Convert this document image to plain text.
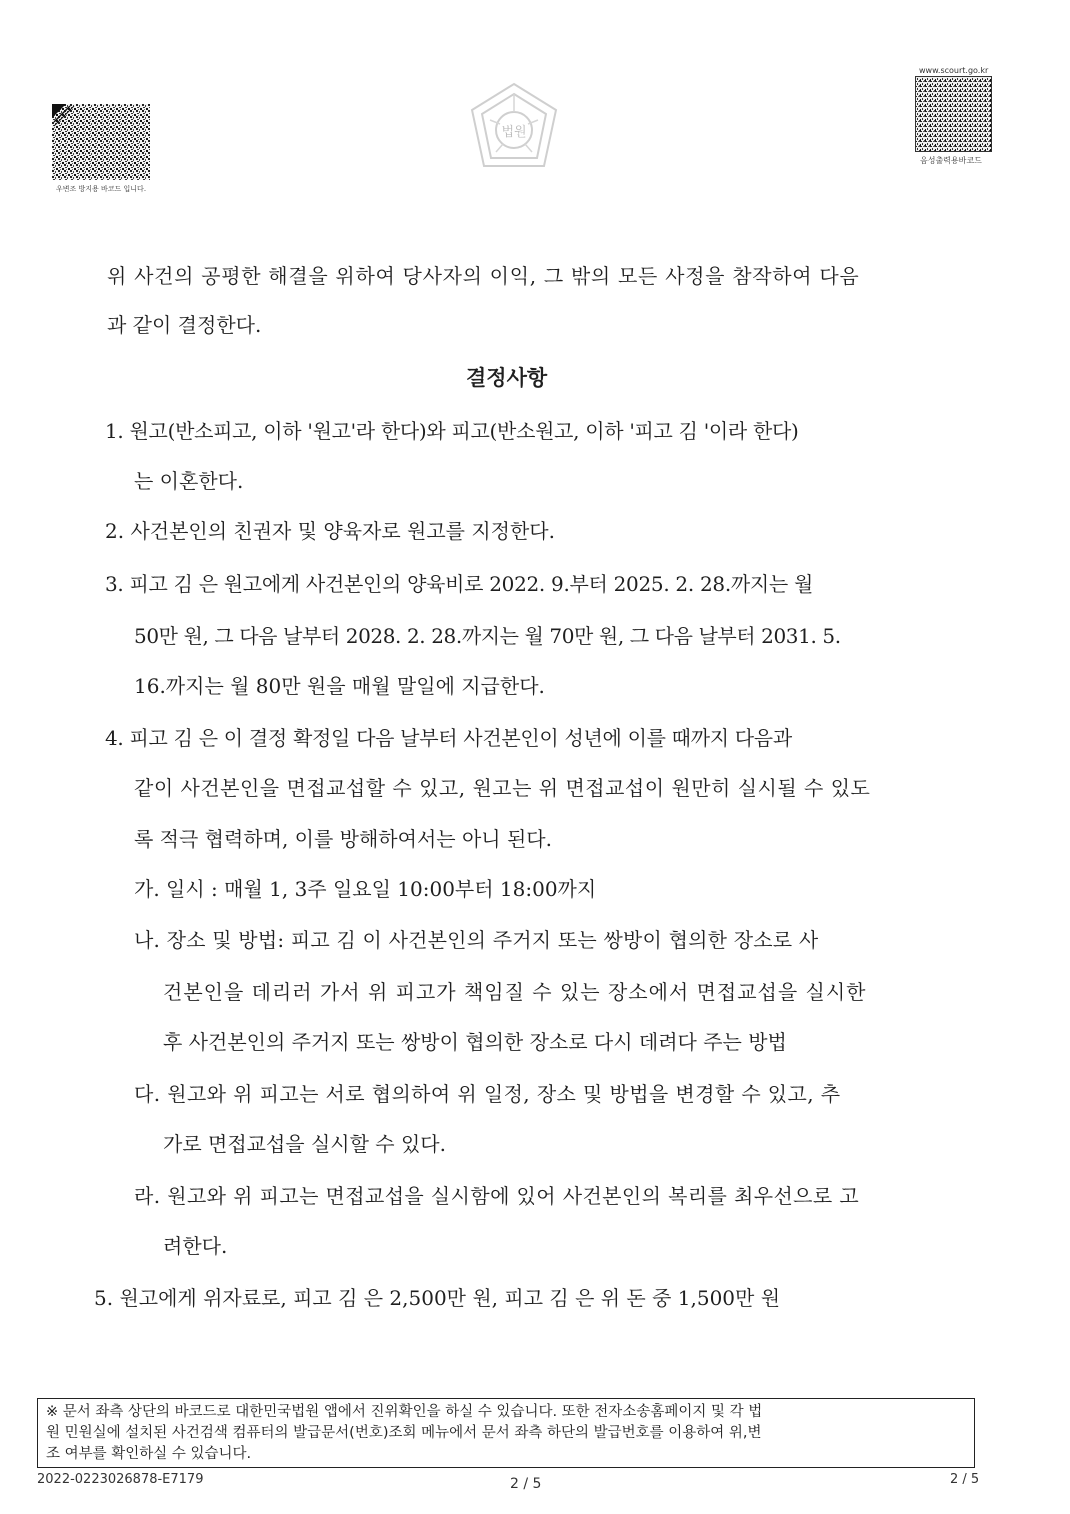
우변조 방지용 바코드 입니다.
법원
www.scourt.go.kr
음성출력용바코드
위 사건의 공평한 해결을 위하여 당사자의 이익, 그 밖의 모든 사정을 참작하여 다음
과 같이 결정한다.
결정사항
1. 원고(반소피고, 이하 '원고'라 한다)와 피고(반소원고, 이하 '피고 김 '이라 한다)
는 이혼한다.
2. 사건본인의 친권자 및 양육자로 원고를 지정한다.
3. 피고 김 은 원고에게 사건본인의 양육비로 2022. 9.부터 2025. 2. 28.까지는 월
50만 원, 그 다음 날부터 2028. 2. 28.까지는 월 70만 원, 그 다음 날부터 2031. 5.
16.까지는 월 80만 원을 매월 말일에 지급한다.
4. 피고 김 은 이 결정 확정일 다음 날부터 사건본인이 성년에 이를 때까지 다음과
같이 사건본인을 면접교섭할 수 있고, 원고는 위 면접교섭이 원만히 실시될 수 있도
록 적극 협력하며, 이를 방해하여서는 아니 된다.
가. 일시 : 매월 1, 3주 일요일 10:00부터 18:00까지
나. 장소 및 방법: 피고 김 이 사건본인의 주거지 또는 쌍방이 협의한 장소로 사
건본인을 데리러 가서 위 피고가 책임질 수 있는 장소에서 면접교섭을 실시한
후 사건본인의 주거지 또는 쌍방이 협의한 장소로 다시 데려다 주는 방법
다. 원고와 위 피고는 서로 협의하여 위 일정, 장소 및 방법을 변경할 수 있고, 추
가로 면접교섭을 실시할 수 있다.
라. 원고와 위 피고는 면접교섭을 실시함에 있어 사건본인의 복리를 최우선으로 고
려한다.
5. 원고에게 위자료로, 피고 김 은 2,500만 원, 피고 김 은 위 돈 중 1,500만 원
※ 문서 좌측 상단의 바코드로 대한민국법원 앱에서 진위확인을 하실 수 있습니다. 또한 전자소송홈페이지 및 각 법
원 민원실에 설치된 사건검색 컴퓨터의 발급문서(번호)조회 메뉴에서 문서 좌측 하단의 발급번호를 이용하여 위,변
조 여부를 확인하실 수 있습니다.
2022-0223026878-E7179	2 / 5	2 / 5
